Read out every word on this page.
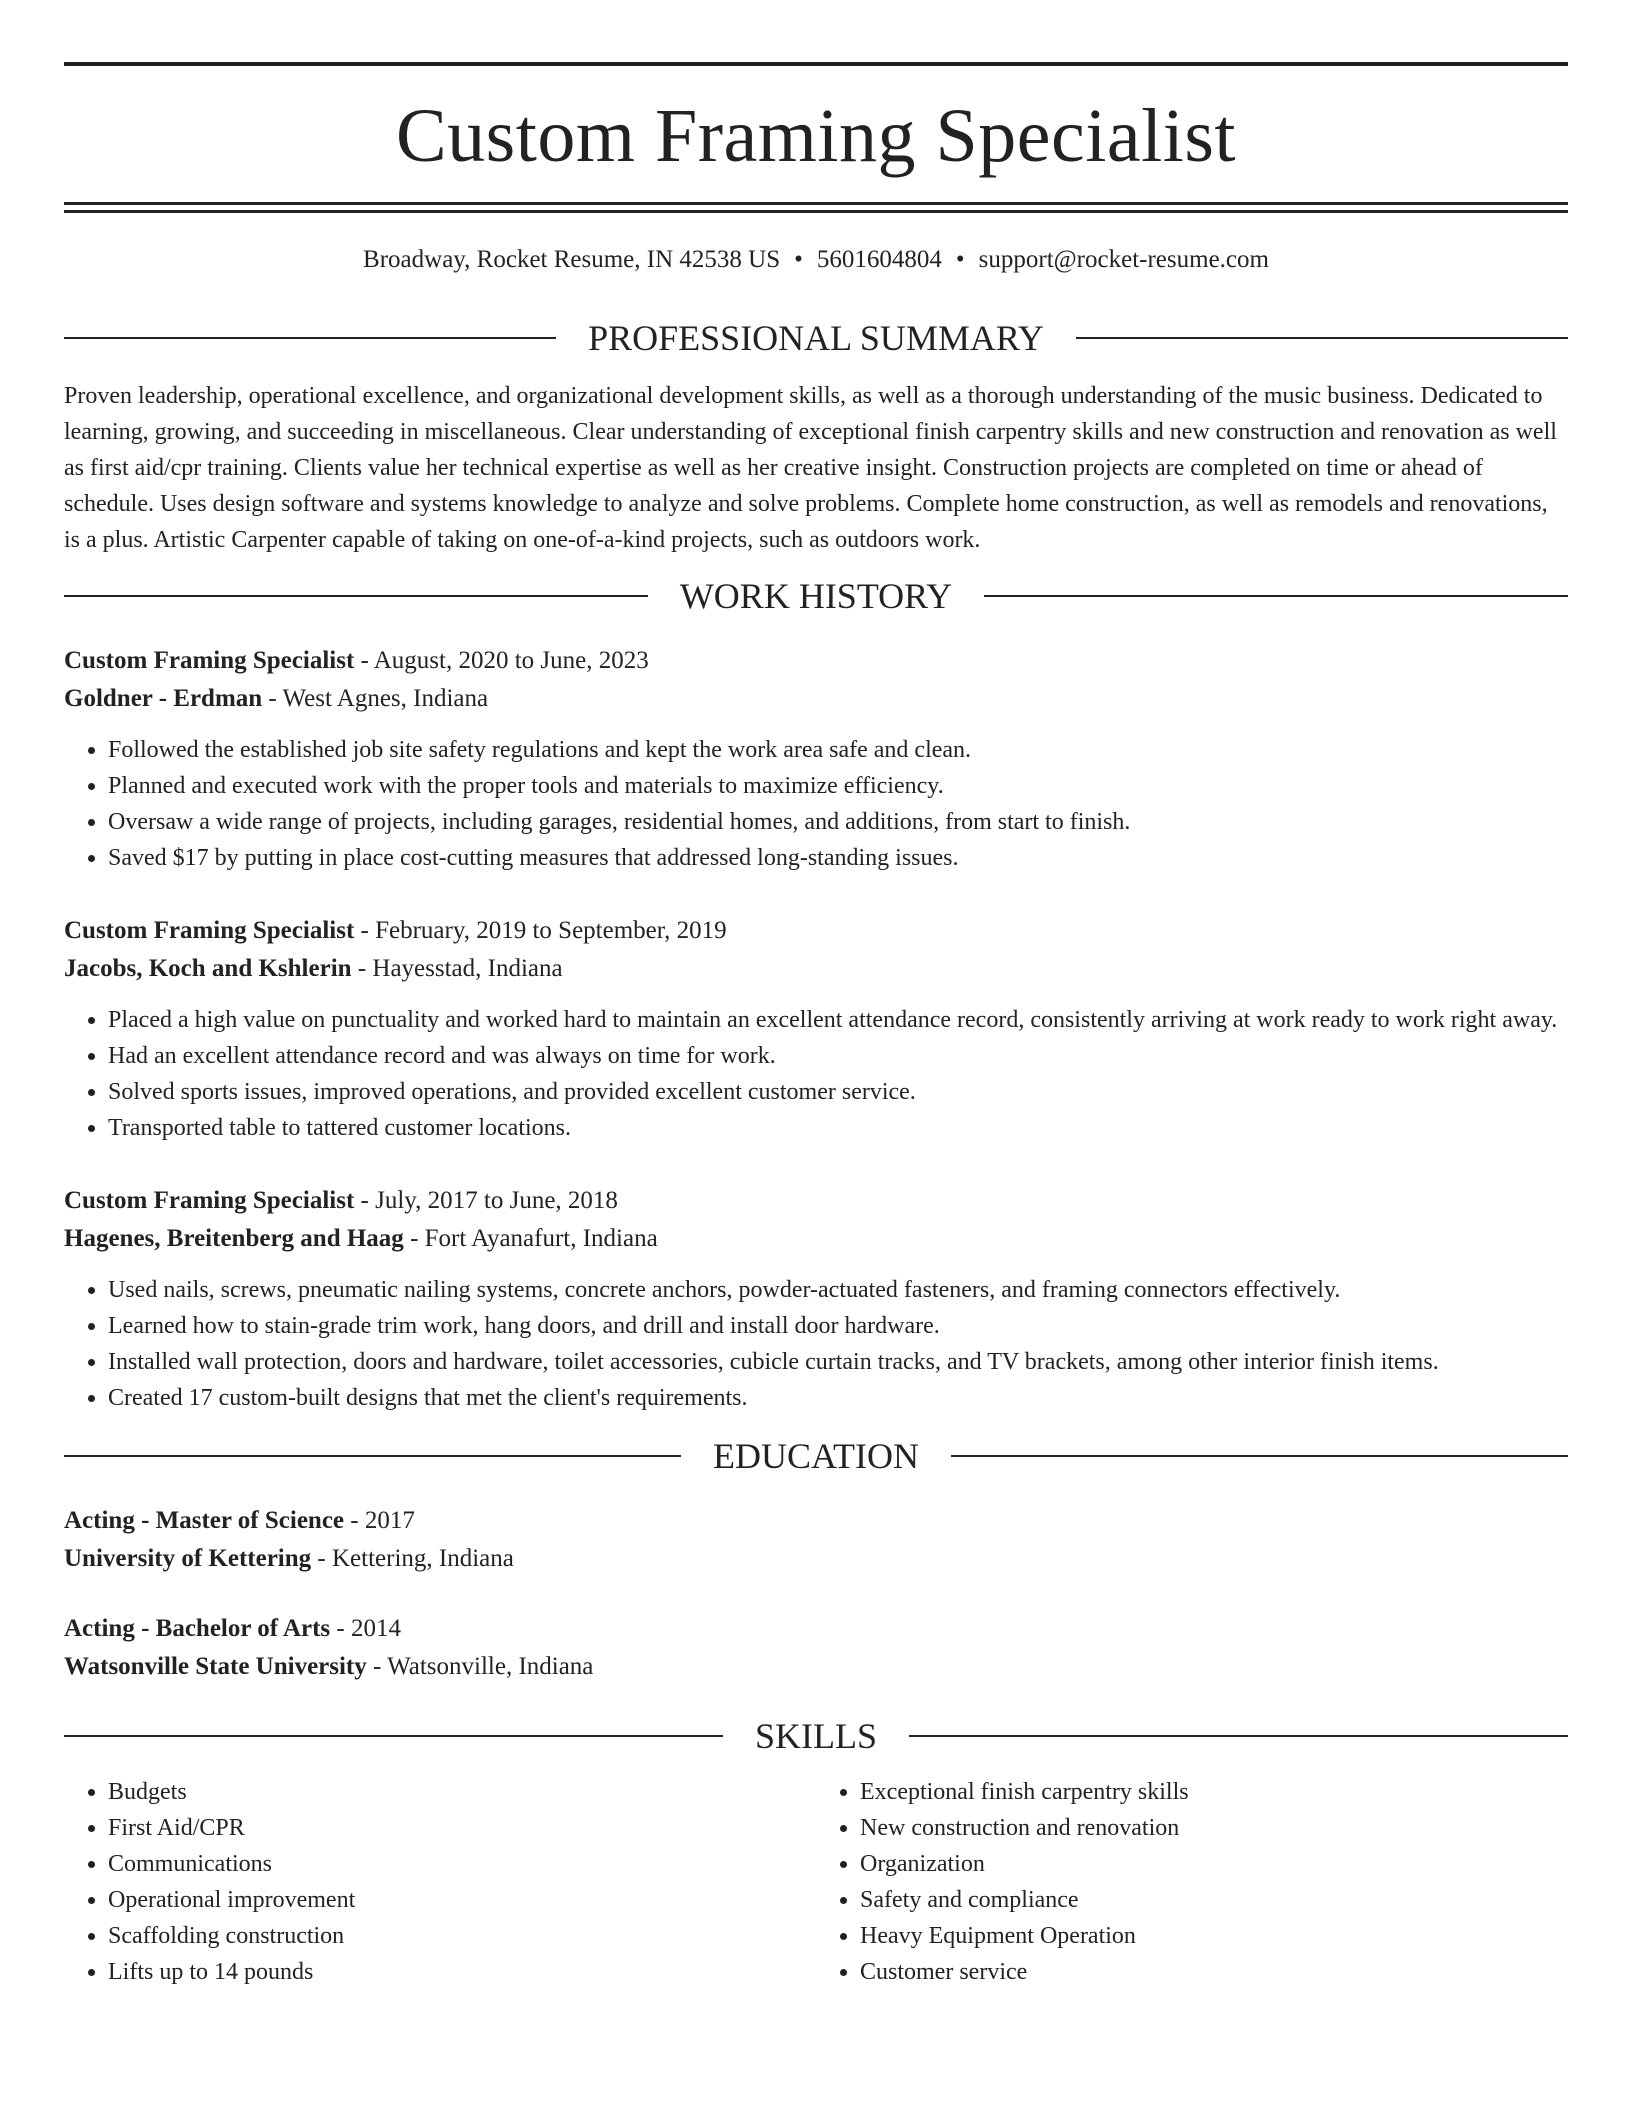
Custom Framing Specialist
Broadway, Rocket Resume, IN 42538 US • 5601604804 • support@rocket-resume.com
PROFESSIONAL SUMMARY
Proven leadership, operational excellence, and organizational development skills, as well as a thorough understanding of the music business. Dedicated to learning, growing, and succeeding in miscellaneous. Clear understanding of exceptional finish carpentry skills and new construction and renovation as well as first aid/cpr training. Clients value her technical expertise as well as her creative insight. Construction projects are completed on time or ahead of schedule. Uses design software and systems knowledge to analyze and solve problems. Complete home construction, as well as remodels and renovations, is a plus. Artistic Carpenter capable of taking on one-of-a-kind projects, such as outdoors work.
WORK HISTORY
Custom Framing Specialist - August, 2020 to June, 2023
Goldner - Erdman - West Agnes, Indiana
• Followed the established job site safety regulations and kept the work area safe and clean.
• Planned and executed work with the proper tools and materials to maximize efficiency.
• Oversaw a wide range of projects, including garages, residential homes, and additions, from start to finish.
• Saved $17 by putting in place cost-cutting measures that addressed long-standing issues.
Custom Framing Specialist - February, 2019 to September, 2019
Jacobs, Koch and Kshlerin - Hayesstad, Indiana
• Placed a high value on punctuality and worked hard to maintain an excellent attendance record, consistently arriving at work ready to work right away.
• Had an excellent attendance record and was always on time for work.
• Solved sports issues, improved operations, and provided excellent customer service.
• Transported table to tattered customer locations.
Custom Framing Specialist - July, 2017 to June, 2018
Hagenes, Breitenberg and Haag - Fort Ayanafurt, Indiana
• Used nails, screws, pneumatic nailing systems, concrete anchors, powder-actuated fasteners, and framing connectors effectively.
• Learned how to stain-grade trim work, hang doors, and drill and install door hardware.
• Installed wall protection, doors and hardware, toilet accessories, cubicle curtain tracks, and TV brackets, among other interior finish items.
• Created 17 custom-built designs that met the client's requirements.
EDUCATION
Acting - Master of Science - 2017
University of Kettering - Kettering, Indiana
Acting - Bachelor of Arts - 2014
Watsonville State University - Watsonville, Indiana
SKILLS
• Budgets
• First Aid/CPR
• Communications
• Operational improvement
• Scaffolding construction
• Lifts up to 14 pounds
• Exceptional finish carpentry skills
• New construction and renovation
• Organization
• Safety and compliance
• Heavy Equipment Operation
• Customer service
